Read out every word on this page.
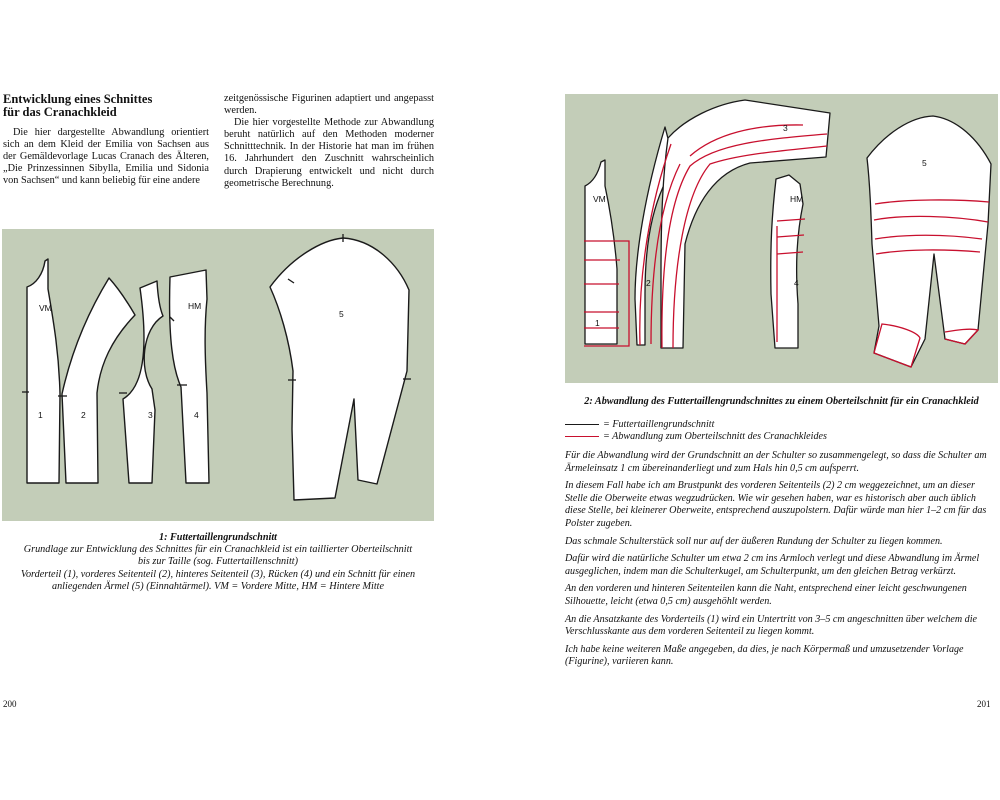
Entwicklung eines Schnittes
für das Cranachkleid

Die hier dargestellte Abwandlung orientiert sich an dem Kleid der Emilia von Sachsen aus der Gemäldevorlage Lucas Cranach des Älteren, „Die Prinzessinnen Sibylla, Emilia und Sidonia von Sachsen“ und kann beliebig für eine andere

zeitgenössische Figurinen adaptiert und angepasst werden.

Die hier vorgestellte Methode zur Abwandlung beruht natürlich auf den Methoden moderner Schnitttechnik. In der Historie hat man im frühen 16. Jahrhundert den Zuschnitt wahrscheinlich durch Drapierung entwickelt und nicht durch geometrische Berechnung.

VM	HM
1	2	3	4
5
1: Futtertaillengrundschnitt
Grundlage zur Entwicklung des Schnittes für ein Cranachkleid ist ein taillierter Oberteilschnitt
bis zur Taille (sog. Futtertaillenschnitt)
Vorderteil (1), vorderes Seitenteil (2), hinteres Seitenteil (3), Rücken (4) und ein Schnitt für einen
anliegenden Ärmel (5) (Einnahtärmel). VM = Vordere Mitte, HM = Hintere Mitte
200
VM	HM
1
2
3
4
5
2: Abwandlung des Futtertaillengrundschnittes zu einem Oberteilschnitt für ein Cranachkleid
= Futtertaillengrundschnitt
= Abwandlung zum Oberteilschnitt des Cranachkleides

Für die Abwandlung wird der Grundschnitt an der Schulter so zusammengelegt, so dass die Schulter am Ärmeleinsatz 1 cm übereinanderliegt und zum Hals hin 0,5 cm aufsperrt.

In diesem Fall habe ich am Brustpunkt des vorderen Seitenteils (2) 2 cm weggezeichnet, um an dieser Stelle die Oberweite etwas wegzudrücken. Wie wir gesehen haben, war es historisch aber auch üblich diese Stelle, bei kleinerer Oberweite, entsprechend auszupolstern. Dafür würde man hier 1–2 cm für das Polster zugeben.

Das schmale Schulterstück soll nur auf der äußeren Rundung der Schulter zu liegen kommen.

Dafür wird die natürliche Schulter um etwa 2 cm ins Armloch verlegt und diese Abwandlung im Ärmel ausgeglichen, indem man die Schulterkugel, am Schulterpunkt, um den gleichen Betrag verkürzt.

An den vorderen und hinteren Seitenteilen kann die Naht, entsprechend einer leicht geschwungenen Silhouette, leicht (etwa 0,5 cm) ausgehöhlt werden.

An die Ansatzkante des Vorderteils (1) wird ein Untertritt von 3–5 cm angeschnitten über welchem die Verschlusskante aus dem vorderen Seitenteil zu liegen kommt.

Ich habe keine weiteren Maße angegeben, da dies, je nach Körpermaß und umzusetzender Vorlage (Figurine), variieren kann.

201
